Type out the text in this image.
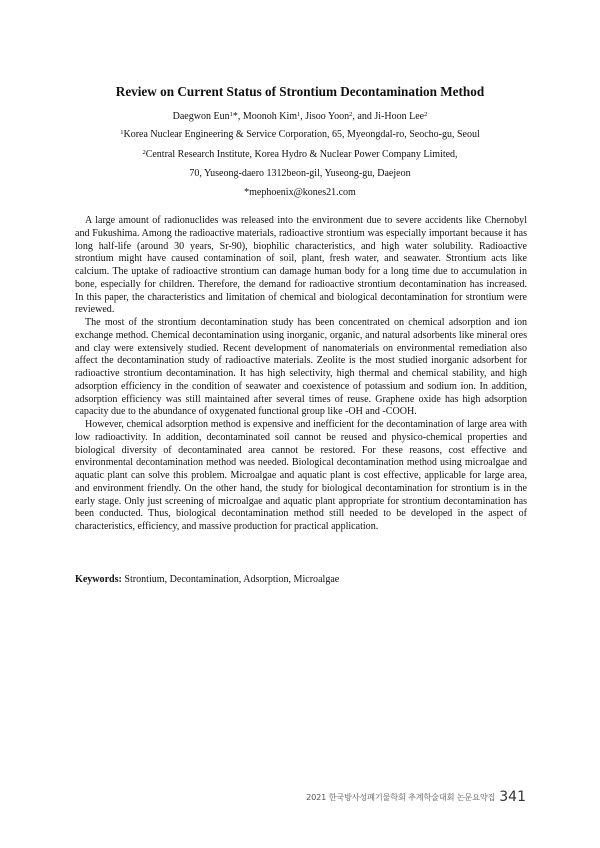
Review on Current Status of Strontium Decontamination Method
Daegwon Eun$^1$*, Moonoh Kim$^1$, Jisoo Yoon$^2$, and Ji-Hoon Lee$^2$
$^1$Korea Nuclear Engineering & Service Corporation, 65, Myeongdal-ro, Seocho-gu, Seoul
$^2$Central Research Institute, Korea Hydro & Nuclear Power Company Limited,
70, Yuseong-daero 1312beon-gil, Yuseong-gu, Daejeon
*mephoenix@kones21.com

A large amount of radionuclides was released into the environment due to severe accidents like Chernobyl and Fukushima. Among the radioactive materials, radioactive strontium was especially important because it has long half-life (around 30 years, Sr-90), biophilic characteristics, and high water solubility. Radioactive strontium might have caused contamination of soil, plant, fresh water, and seawater. Strontium acts like calcium. The uptake of radioactive strontium can damage human body for a long time due to accumulation in bone, especially for children. Therefore, the demand for radioactive strontium decontamination has increased. In this paper, the characteristics and limitation of chemical and biological decontamination for strontium were reviewed.

The most of the strontium decontamination study has been concentrated on chemical adsorption and ion exchange method. Chemical decontamination using inorganic, organic, and natural adsorbents like mineral ores and clay were extensively studied. Recent development of nanomaterials on environmental remediation also affect the decontamination study of radioactive materials. Zeolite is the most studied inorganic adsorbent for radioactive strontium decontamination. It has high selectivity, high thermal and chemical stability, and high adsorption efficiency in the condition of seawater and coexistence of potassium and sodium ion. In addition, adsorption efficiency was still maintained after several times of reuse. Graphene oxide has high adsorption capacity due to the abundance of oxygenated functional group like -OH and -COOH.

However, chemical adsorption method is expensive and inefficient for the decontamination of large area with low radioactivity. In addition, decontaminated soil cannot be reused and physico-chemical properties and biological diversity of decontaminated area cannot be restored. For these reasons, cost effective and environmental decontamination method was needed. Biological decontamination method using microalgae and aquatic plant can solve this problem. Microalgae and aquatic plant is cost effective, applicable for large area, and environment friendly. On the other hand, the study for biological decontamination for strontium is in the early stage. Only just screening of microalgae and aquatic plant appropriate for strontium decontamination has been conducted. Thus, biological decontamination method still needed to be developed in the aspect of characteristics, efficiency, and massive production for practical application.

Keywords: Strontium, Decontamination, Adsorption, Microalgae
2021 한국방사성폐기물학회 추계학술대회 논문요약집 341
